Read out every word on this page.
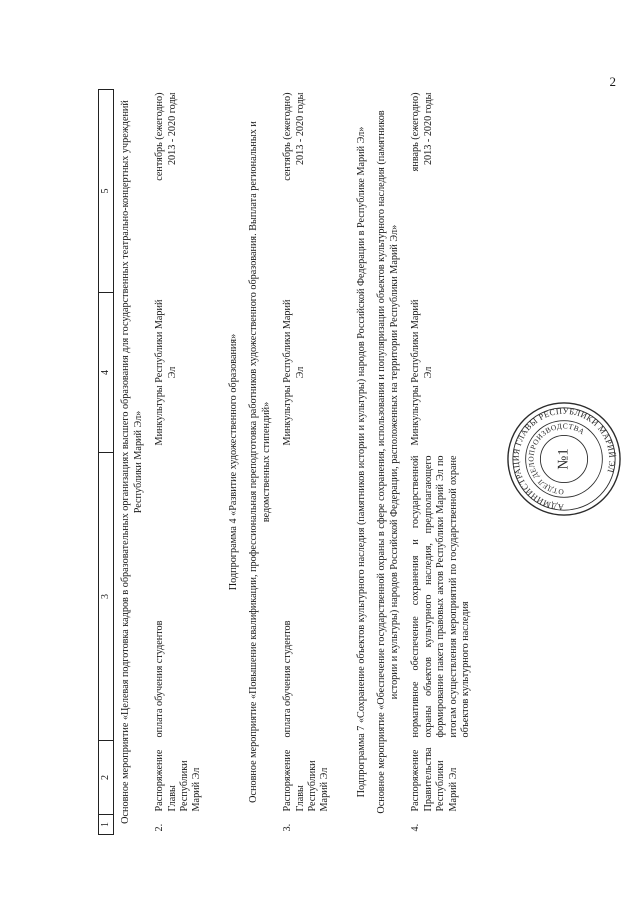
2
1	2	3	4	5
Основное мероприятие «Целевая подготовка кадров в образовательных организациях высшего образования для государственных театрально-концертных учреждений Республики Марий Эл»				
2.	Распоряжение Главы Республики Марий Эл	оплата обучения студентов	Минкультуры Республики Марий Эл	сентябрь (ежегодно) 2013 - 2020 годы

Подпрограмма 4 «Развитие художественного образования»				
Основное мероприятие «Повышение квалификации, профессиональная переподготовка работников художественного образования. Выплата региональных и ведомственных стипендий»				
3.	Распоряжение Главы Республики Марий Эл	оплата обучения студентов	Минкультуры Республики Марий Эл	сентябрь (ежегодно) 2013 - 2020 годы

Подпрограмма 7 «Сохранение объектов культурного наследия (памятников истории и культуры) народов Российской Федерации в Республике Марий Эл»				
Основное мероприятие «Обеспечение государственной охраны в сфере сохранения, использования и популяризации объектов культурного наследия (памятников истории и культуры) народов Российской Федерации, расположенных на территории Республики Марий Эл»				
4.	Распоряжение Правительства Республики Марий Эл	нормативное обеспечение сохранения и государственной охраны объектов культурного наследия, предполагающего формирование пакета правовых актов Республики Марий Эл по итогам осуществления мероприятий по государственной охране объектов культурного наследия	Минкультуры Республики Марий Эл	январь (ежегодно) 2013 - 2020 годы
АДМИНИСТРАЦИЯ ГЛАВЫ РЕСПУБЛИКИ МАРИЙ ЭЛ
ОТДЕЛ ДЕЛОПРОИЗВОДСТВА
№1
